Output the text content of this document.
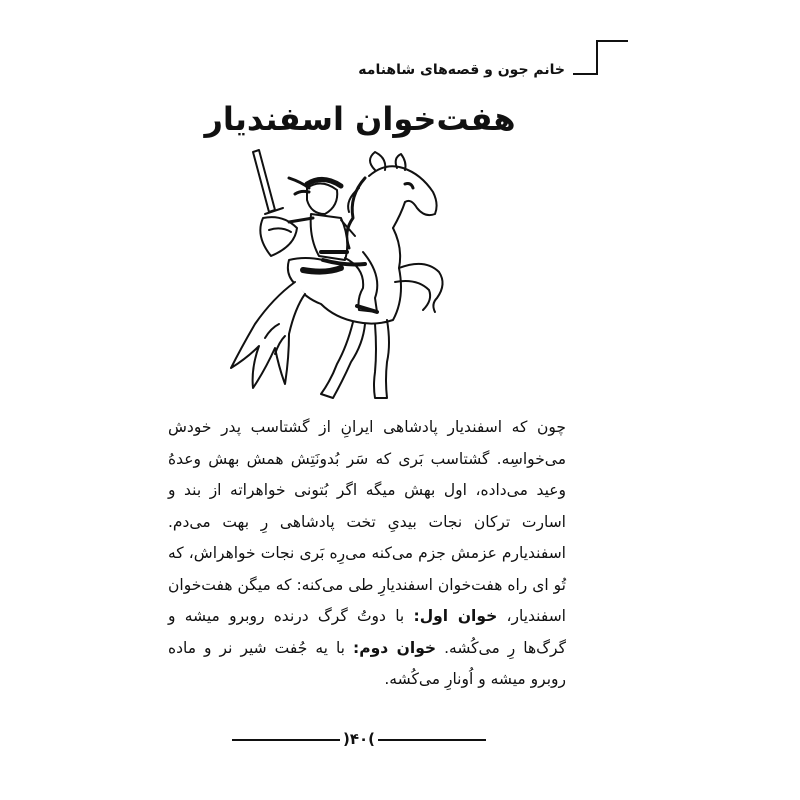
خانم جون و قصه‌های شاهنامه
هفت‌خوان اسفندیار

چون که اسفندیار پادشاهی ایرانِ از گشتاسب پدر خودش می‌خواسِه. گشتاسب بَری که سَر بُدونَتِش همش بهش وعدهُ وعید می‌داده، اول بهش میگه اگر بُتونی خواهراته از بند و اسارت ترکان نجات بیدیِ تخت پادشاهی رِ بهت می‌دم. اسفندیارم عزمش جزم می‌کنه می‌رِه بَری نجات خواهراش، که تُو ای راه هفت‌خوان اسفندیارِ طی می‌کنه: که میگن هفت‌خوان اسفندیار، خوان اول: با دوتُ گرگ درنده روبرو میشه و گرگ‌ها رِ می‌کُشه. خوان دوم: با یه جُفت شیر نر و ماده روبرو میشه و اُونارِ می‌کُشه.

)۴۰(
